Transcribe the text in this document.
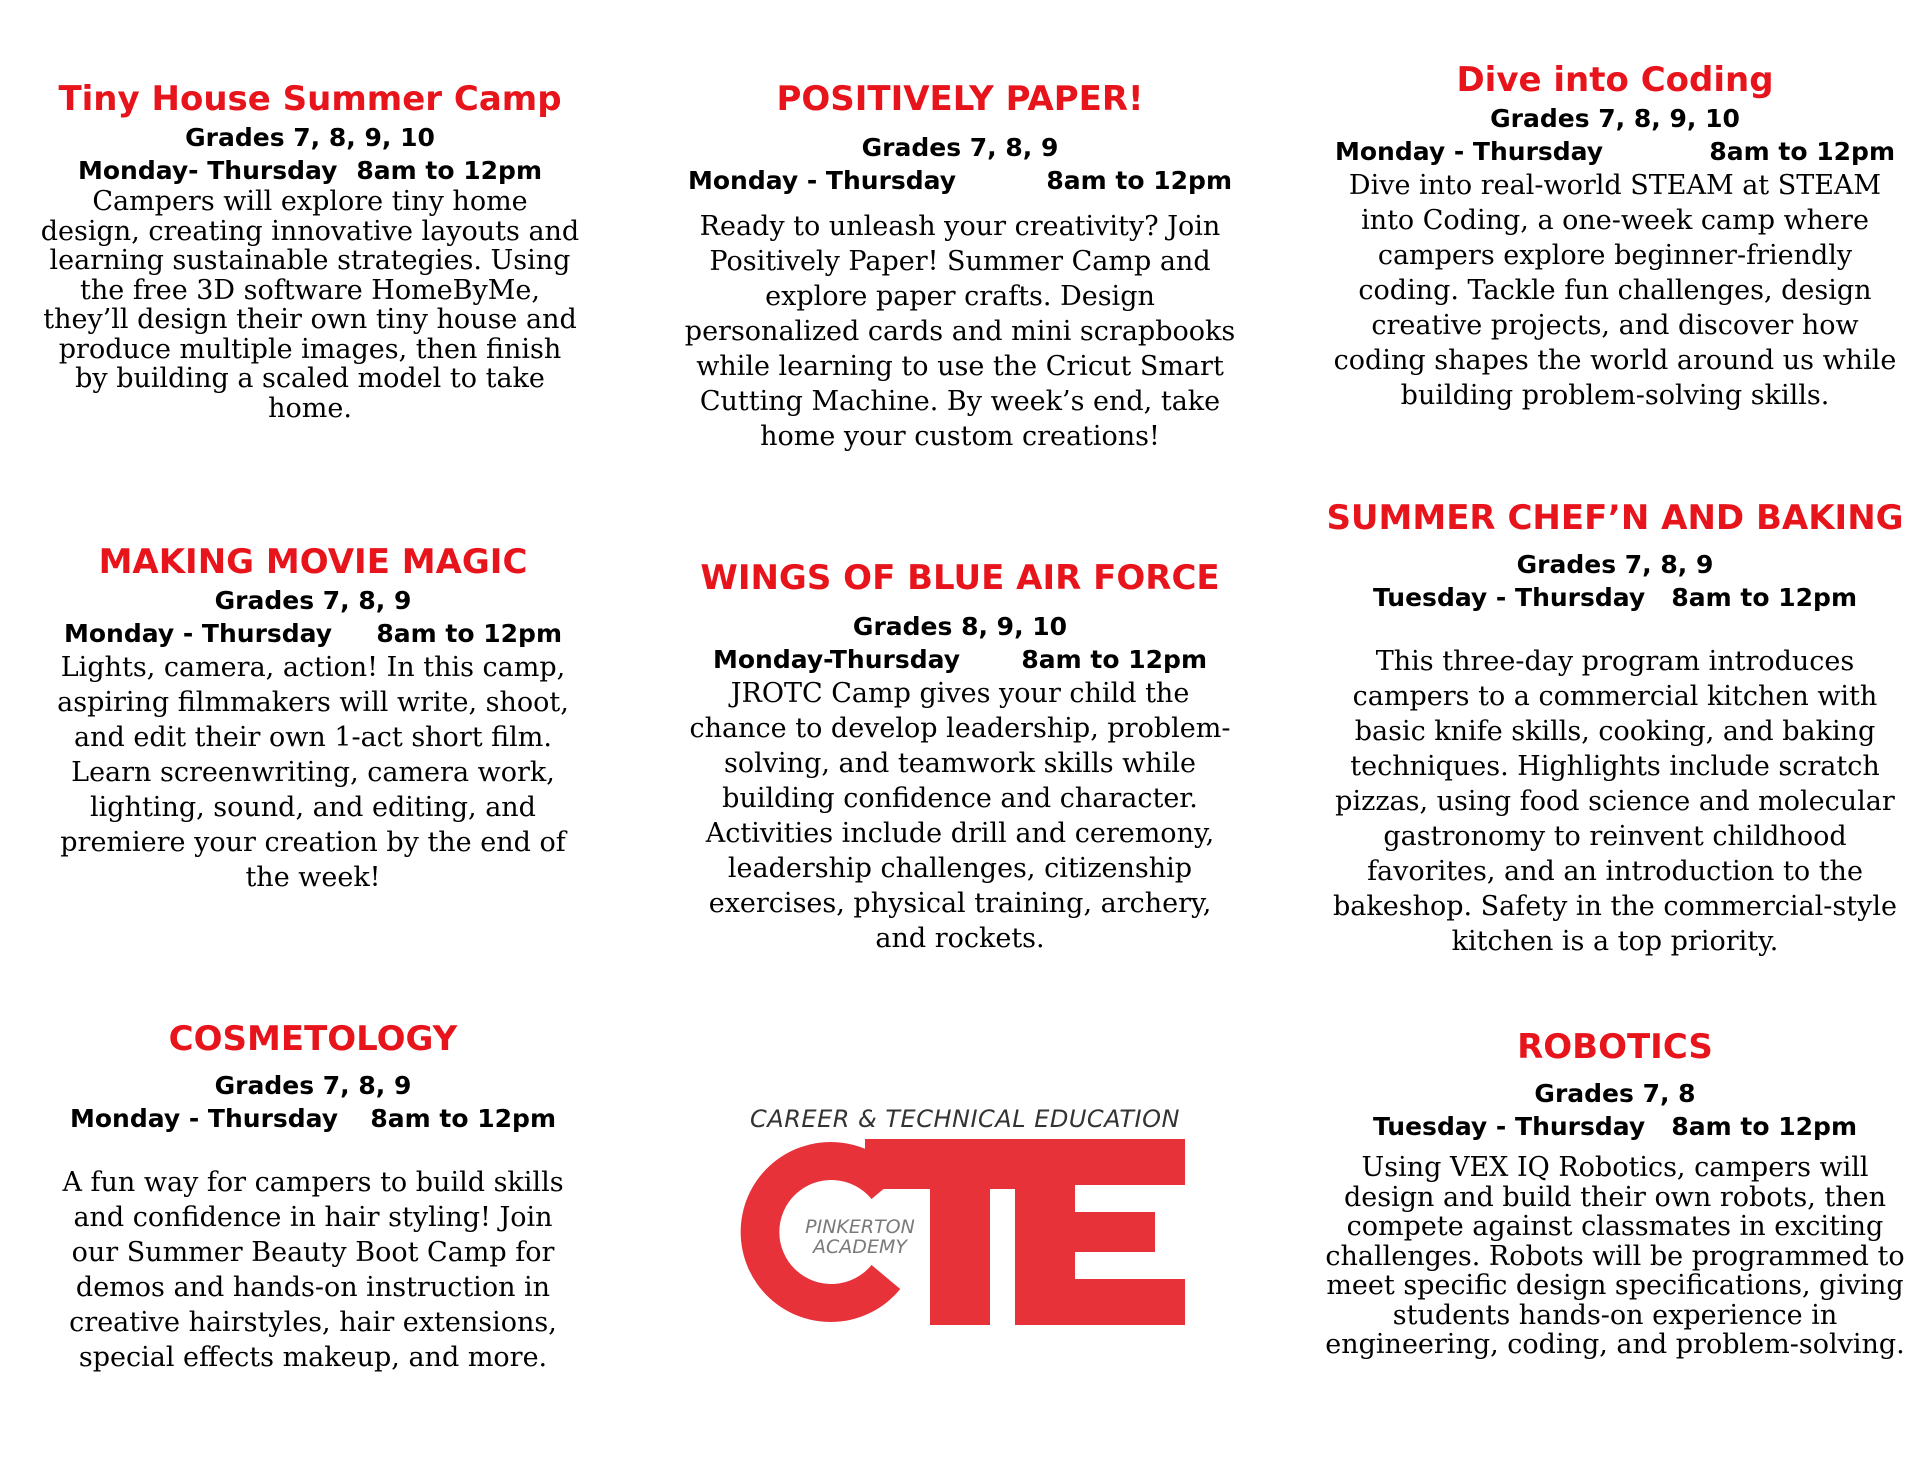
Tiny House Summer Camp
Grades 7, 8, 9, 10
Monday- Thursday 8am to 12pm

Campers will explore tiny home design, creating innovative layouts and learning sustainable strategies. Using the free 3D software HomeByMe, they’ll design their own tiny house and produce multiple images, then finish by building a scaled model to take home.

POSITIVELY PAPER!
Grades 7, 8, 9
Monday - Thursday	8am to 12pm

Ready to unleash your creativity? Join Positively Paper! Summer Camp and explore paper crafts. Design personalized cards and mini scrapbooks while learning to use the Cricut Smart Cutting Machine. By week’s end, take home your custom creations!

Dive into Coding
Grades 7, 8, 9, 10
Monday - Thursday	8am to 12pm

Dive into real-world STEAM at STEAM into Coding, a one-week camp where campers explore beginner-friendly coding. Tackle fun challenges, design creative projects, and discover how coding shapes the world around us while building problem-solving skills.

MAKING MOVIE MAGIC
Grades 7, 8, 9
Monday - Thursday 8am to 12pm

Lights, camera, action! In this camp, aspiring filmmakers will write, shoot, and edit their own 1-act short film. Learn screenwriting, camera work, lighting, sound, and editing, and premiere your creation by the end of the week!

WINGS OF BLUE AIR FORCE
Grades 8, 9, 10
Monday-Thursday 8am to 12pm

JROTC Camp gives your child the chance to develop leadership, problem-solving, and teamwork skills while building confidence and character. Activities include drill and ceremony, leadership challenges, citizenship exercises, physical training, archery, and rockets.

SUMMER CHEF’N AND BAKING
Grades 7, 8, 9
Tuesday - Thursday 8am to 12pm

This three-day program introduces campers to a commercial kitchen with basic knife skills, cooking, and baking techniques. Highlights include scratch pizzas, using food science and molecular gastronomy to reinvent childhood favorites, and an introduction to the bakeshop. Safety in the commercial-style kitchen is a top priority.

COSMETOLOGY
Grades 7, 8, 9
Monday - Thursday 8am to 12pm

A fun way for campers to build skills and confidence in hair styling! Join our Summer Beauty Boot Camp for demos and hands-on instruction in creative hairstyles, hair extensions, special effects makeup, and more.

ROBOTICS
Grades 7, 8
Tuesday - Thursday 8am to 12pm

Using VEX IQ Robotics, campers will design and build their own robots, then compete against classmates in exciting challenges. Robots will be programmed to meet specific design specifications, giving students hands-on experience in engineering, coding, and problem-solving.

CAREER & TECHNICAL EDUCATION
PINKERTON
ACADEMY
